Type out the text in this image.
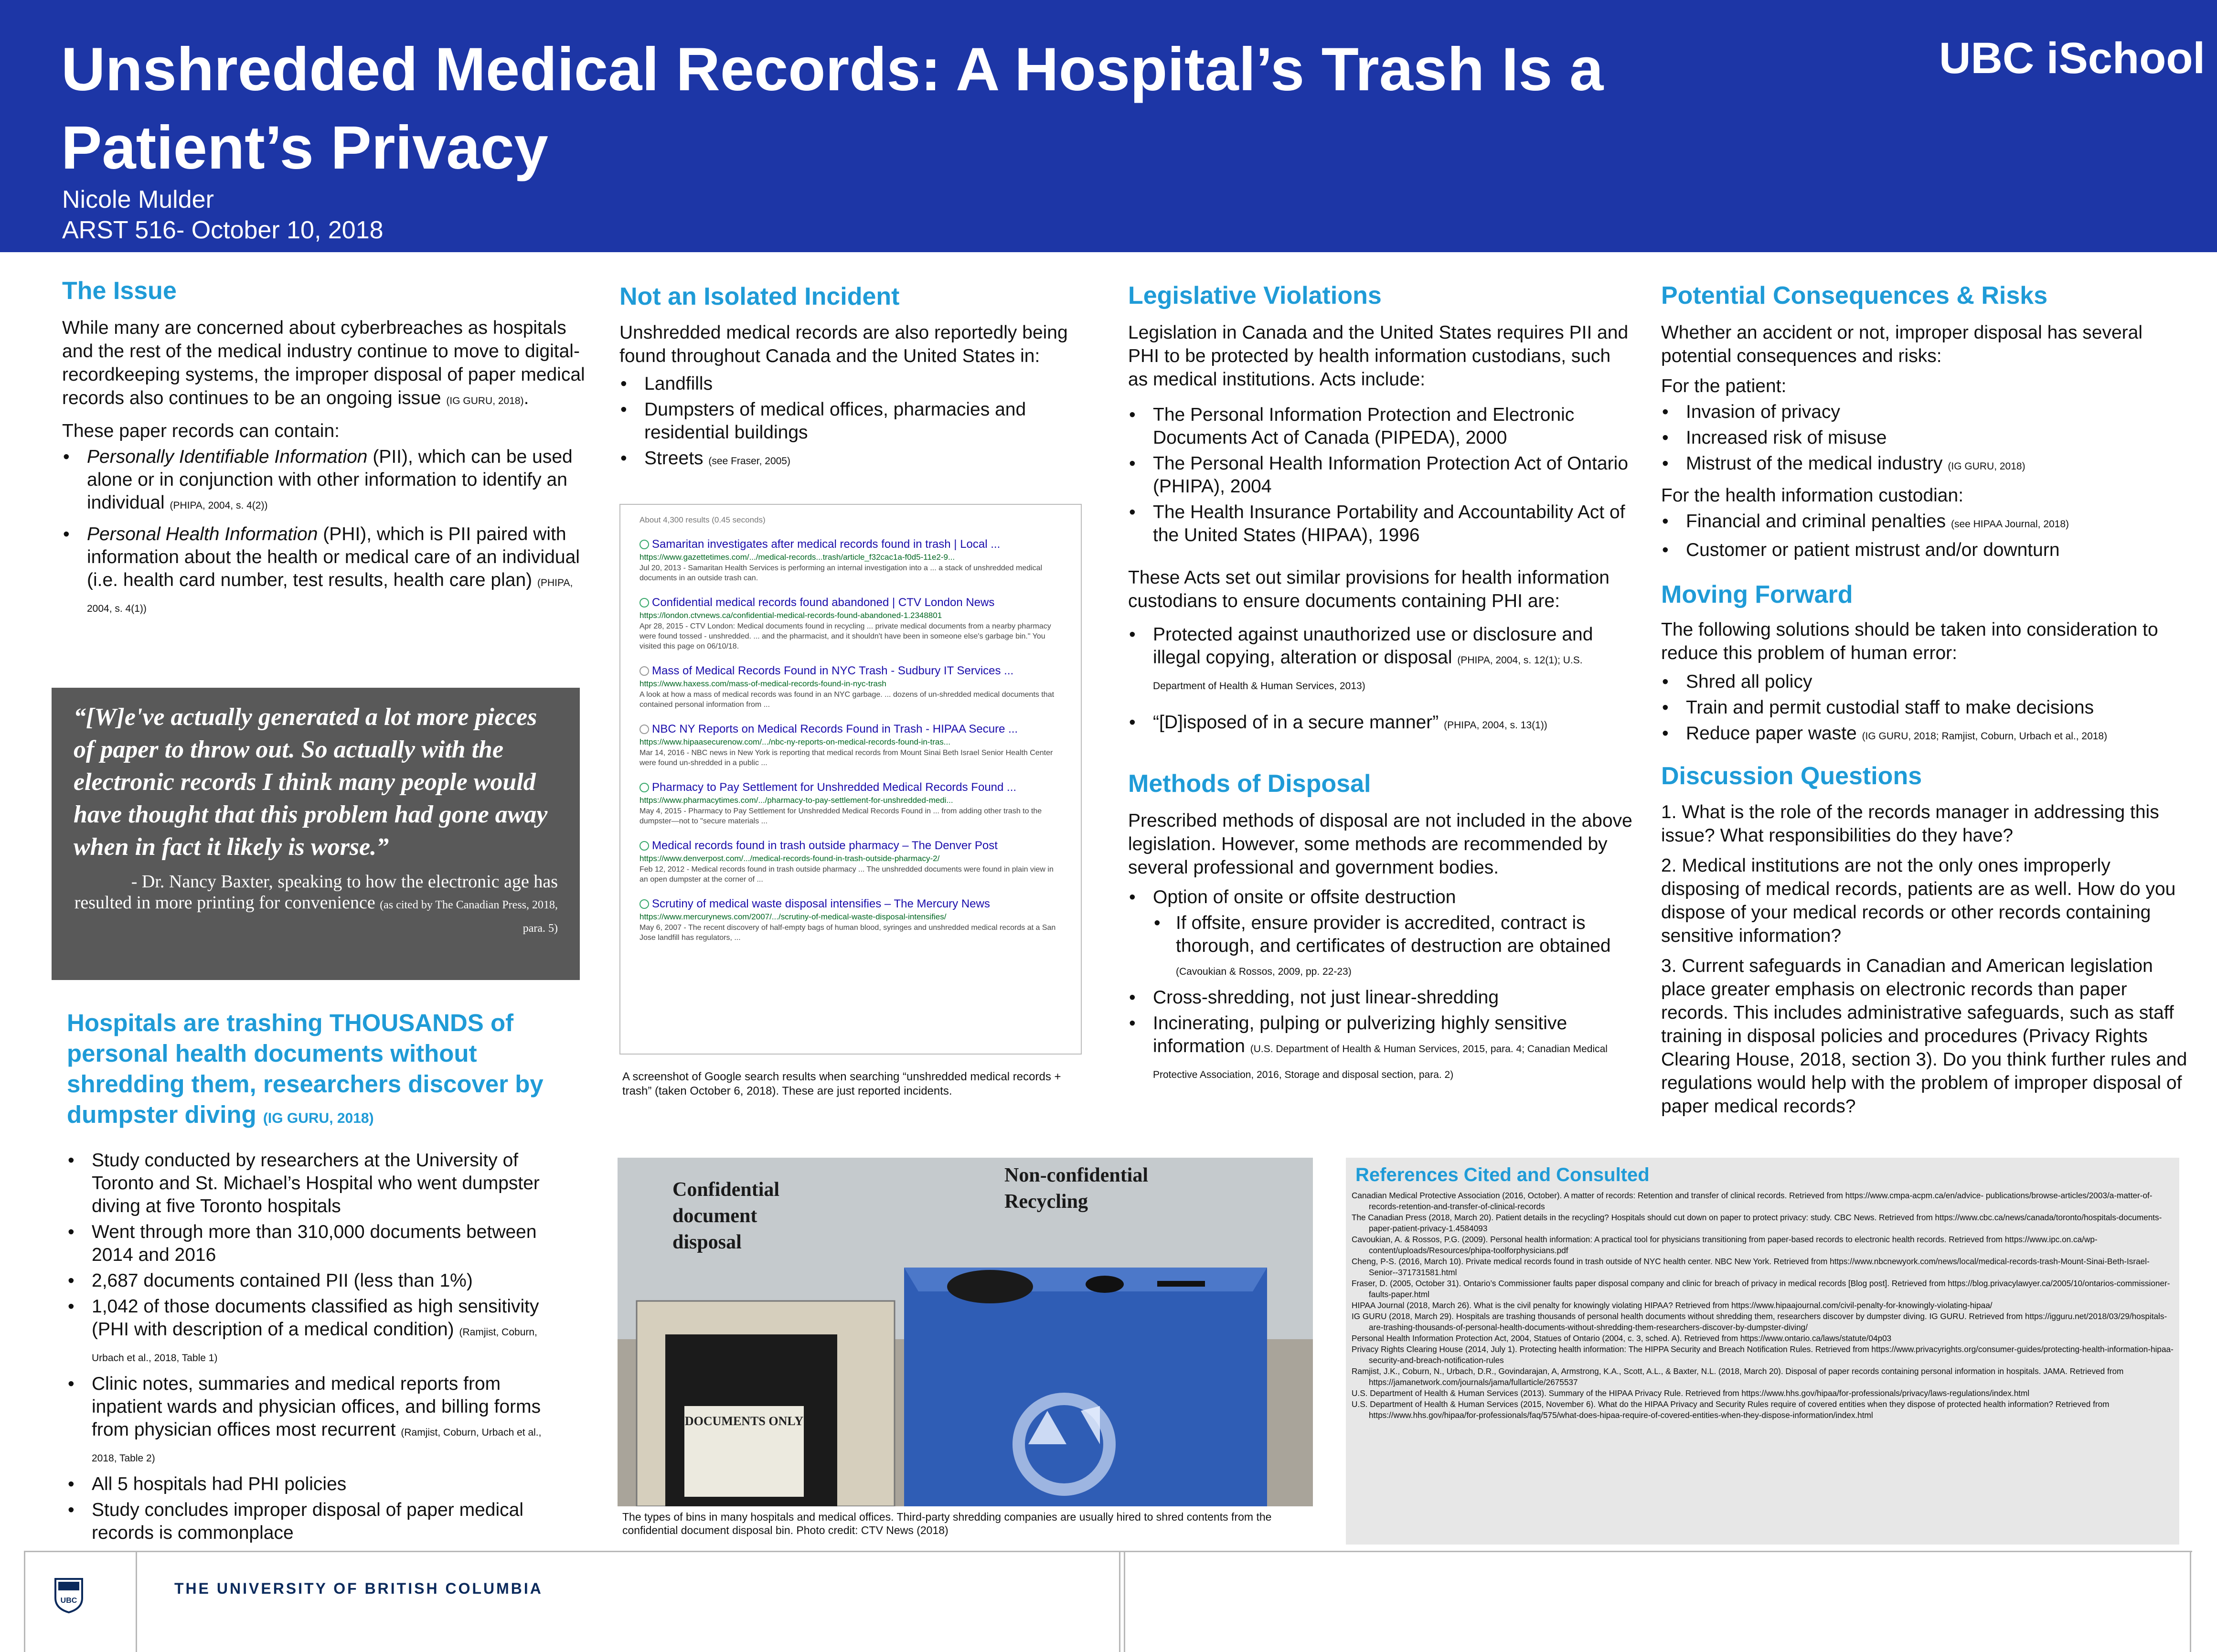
Unshredded Medical Records: A Hospital’s Trash Is a
Patient’s Privacy
Nicole Mulder
ARST 516- October 10, 2018
UBC iSchool
The Issue
While many are concerned about cyberbreaches as hospitals and the rest of the medical industry continue to move to digital-recordkeeping systems, the improper disposal of paper medical records also continues to be an ongoing issue (IG GURU, 2018).
These paper records can contain:
• Personally Identifiable Information (PII), which can be used alone or in conjunction with other information to identify an individual (PHIPA, 2004, s. 4(2))
• Personal Health Information (PHI), which is PII paired with information about the health or medical care of an individual (i.e. health card number, test results, health care plan) (PHIPA, 2004, s. 4(1))
“[W]e've actually generated a lot more pieces of paper to throw out. So actually with the electronic records I think many people would have thought that this problem had gone away when in fact it likely is worse.”
- Dr. Nancy Baxter, speaking to how the electronic age has resulted in more printing for convenience (as cited by The Canadian Press, 2018, para. 5)
Hospitals are trashing THOUSANDS of personal health documents without shredding them, researchers discover by dumpster diving (IG GURU, 2018)
• Study conducted by researchers at the University of Toronto and St. Michael’s Hospital who went dumpster diving at five Toronto hospitals
• Went through more than 310,000 documents between 2014 and 2016
• 2,687 documents contained PII (less than 1%)
• 1,042 of those documents classified as high sensitivity (PHI with description of a medical condition) (Ramjist, Coburn, Urbach et al., 2018, Table 1)
• Clinic notes, summaries and medical reports from inpatient wards and physician offices, and billing forms from physician offices most recurrent (Ramjist, Coburn, Urbach et al., 2018, Table 2)
• All 5 hospitals had PHI policies
• Study concludes improper disposal of paper medical records is commonplace
Not an Isolated Incident
Unshredded medical records are also reportedly being found throughout Canada and the United States in:
• Landfills
• Dumpsters of medical offices, pharmacies and residential buildings
• Streets (see Fraser, 2005)
About 4,300 results (0.45 seconds)
Samaritan investigates after medical records found in trash | Local ...
https://www.gazettetimes.com/.../medical-records...trash/article_f32cac1a-f0d5-11e2-9...
Jul 20, 2013 - Samaritan Health Services is performing an internal investigation into a ... a stack of unshredded medical documents in an outside trash can.
Confidential medical records found abandoned | CTV London News
https://london.ctvnews.ca/confidential-medical-records-found-abandoned-1.2348801
Apr 28, 2015 - CTV London: Medical documents found in recycling ... private medical documents from a nearby pharmacy were found tossed - unshredded. ... and the pharmacist, and it shouldn't have been in someone else's garbage bin." You visited this page on 06/10/18.
Mass of Medical Records Found in NYC Trash - Sudbury IT Services ...
https://www.haxess.com/mass-of-medical-records-found-in-nyc-trash
A look at how a mass of medical records was found in an NYC garbage. ... dozens of un-shredded medical documents that contained personal information from ...
NBC NY Reports on Medical Records Found in Trash - HIPAA Secure ...
https://www.hipaasecurenow.com/.../nbc-ny-reports-on-medical-records-found-in-tras...
Mar 14, 2016 - NBC news in New York is reporting that medical records from Mount Sinai Beth Israel Senior Health Center were found un-shredded in a public ...
Pharmacy to Pay Settlement for Unshredded Medical Records Found ...
https://www.pharmacytimes.com/.../pharmacy-to-pay-settlement-for-unshredded-medi...
May 4, 2015 - Pharmacy to Pay Settlement for Unshredded Medical Records Found in ... from adding other trash to the dumpster—not to "secure materials ...
Medical records found in trash outside pharmacy – The Denver Post
https://www.denverpost.com/.../medical-records-found-in-trash-outside-pharmacy-2/
Feb 12, 2012 - Medical records found in trash outside pharmacy ... The unshredded documents were found in plain view in an open dumpster at the corner of ...
Scrutiny of medical waste disposal intensifies – The Mercury News
https://www.mercurynews.com/2007/.../scrutiny-of-medical-waste-disposal-intensifies/
May 6, 2007 - The recent discovery of half-empty bags of human blood, syringes and unshredded medical records at a San Jose landfill has regulators, ...
A screenshot of Google search results when searching “unshredded medical records + trash” (taken October 6, 2018). These are just reported incidents.
DOCUMENTS ONLY
Confidential
document
disposal
Non-confidential
Recycling
The types of bins in many hospitals and medical offices. Third-party shredding companies are usually hired to shred contents from the confidential document disposal bin. Photo credit: CTV News (2018)
Legislative Violations
Legislation in Canada and the United States requires PII and PHI to be protected by health information custodians, such as medical institutions. Acts include:
• The Personal Information Protection and Electronic Documents Act of Canada (PIPEDA), 2000
• The Personal Health Information Protection Act of Ontario (PHIPA), 2004
• The Health Insurance Portability and Accountability Act of the United States (HIPAA), 1996
These Acts set out similar provisions for health information custodians to ensure documents containing PHI are:
• Protected against unauthorized use or disclosure and illegal copying, alteration or disposal (PHIPA, 2004, s. 12(1); U.S. Department of Health & Human Services, 2013)
• “[D]isposed of in a secure manner” (PHIPA, 2004, s. 13(1))
Methods of Disposal
Prescribed methods of disposal are not included in the above legislation. However, some methods are recommended by several professional and government bodies.
• Option of onsite or offsite destruction
• If offsite, ensure provider is accredited, contract is thorough, and certificates of destruction are obtained (Cavoukian & Rossos, 2009, pp. 22-23)
• Cross-shredding, not just linear-shredding
• Incinerating, pulping or pulverizing highly sensitive information (U.S. Department of Health & Human Services, 2015, para. 4; Canadian Medical Protective Association, 2016, Storage and disposal section, para. 2)
Potential Consequences & Risks
Whether an accident or not, improper disposal has several potential consequences and risks:
For the patient:
• Invasion of privacy
• Increased risk of misuse
• Mistrust of the medical industry (IG GURU, 2018)
For the health information custodian:
• Financial and criminal penalties (see HIPAA Journal, 2018)
• Customer or patient mistrust and/or downturn
Moving Forward
The following solutions should be taken into consideration to reduce this problem of human error:
• Shred all policy
• Train and permit custodial staff to make decisions
• Reduce paper waste (IG GURU, 2018; Ramjist, Coburn, Urbach et al., 2018)
Discussion Questions
1. What is the role of the records manager in addressing this issue? What responsibilities do they have?
2. Medical institutions are not the only ones improperly disposing of medical records, patients are as well. How do you dispose of your medical records or other records containing sensitive information?
3. Current safeguards in Canadian and American legislation place greater emphasis on electronic records than paper records. This includes administrative safeguards, such as staff training in disposal policies and procedures (Privacy Rights Clearing House, 2018, section 3). Do you think further rules and regulations would help with the problem of improper disposal of paper medical records?
References Cited and Consulted
Canadian Medical Protective Association (2016, October). A matter of records: Retention and transfer of clinical records. Retrieved from https://www.cmpa-acpm.ca/en/advice- publications/browse-articles/2003/a-matter-of-records-retention-and-transfer-of-clinical-records
The Canadian Press (2018, March 20). Patient details in the recycling? Hospitals should cut down on paper to protect privacy: study. CBC News. Retrieved from https://www.cbc.ca/news/canada/toronto/hospitals-documents-paper-patient-privacy-1.4584093
Cavoukian, A. & Rossos, P.G. (2009). Personal health information: A practical tool for physicians transitioning from paper-based records to electronic health records. Retrieved from https://www.ipc.on.ca/wp-content/uploads/Resources/phipa-toolforphysicians.pdf
Cheng, P-S. (2016, March 10). Private medical records found in trash outside of NYC health center. NBC New York. Retrieved from https://www.nbcnewyork.com/news/local/medical-records-trash-Mount-Sinai-Beth-Israel-Senior--371731581.html
Fraser, D. (2005, October 31). Ontario’s Commissioner faults paper disposal company and clinic for breach of privacy in medical records [Blog post]. Retrieved from https://blog.privacylawyer.ca/2005/10/ontarios-commissioner-faults-paper.html
HIPAA Journal (2018, March 26). What is the civil penalty for knowingly violating HIPAA? Retrieved from https://www.hipaajournal.com/civil-penalty-for-knowingly-violating-hipaa/
IG GURU (2018, March 29). Hospitals are trashing thousands of personal health documents without shredding them, researchers discover by dumpster diving. IG GURU. Retrieved from https://igguru.net/2018/03/29/hospitals-are-trashing-thousands-of-personal-health-documents-without-shredding-them-researchers-discover-by-dumpster-diving/
Personal Health Information Protection Act, 2004, Statues of Ontario (2004, c. 3, sched. A). Retrieved from https://www.ontario.ca/laws/statute/04p03
Privacy Rights Clearing House (2014, July 1). Protecting health information: The HIPPA Security and Breach Notification Rules. Retrieved from https://www.privacyrights.org/consumer-guides/protecting-health-information-hipaa-security-and-breach-notification-rules
Ramjist, J.K., Coburn, N., Urbach, D.R., Govindarajan, A, Armstrong, K.A., Scott, A.L., & Baxter, N.L. (2018, March 20). Disposal of paper records containing personal information in hospitals. JAMA. Retrieved from https://jamanetwork.com/journals/jama/fullarticle/2675537
U.S. Department of Health & Human Services (2013). Summary of the HIPAA Privacy Rule. Retrieved from https://www.hhs.gov/hipaa/for-professionals/privacy/laws-regulations/index.html
U.S. Department of Health & Human Services (2015, November 6). What do the HIPAA Privacy and Security Rules require of covered entities when they dispose of protected health information? Retrieved from https://www.hhs.gov/hipaa/for-professionals/faq/575/what-does-hipaa-require-of-covered-entities-when-they-dispose-information/index.html
UBC
THE UNIVERSITY OF BRITISH COLUMBIA
